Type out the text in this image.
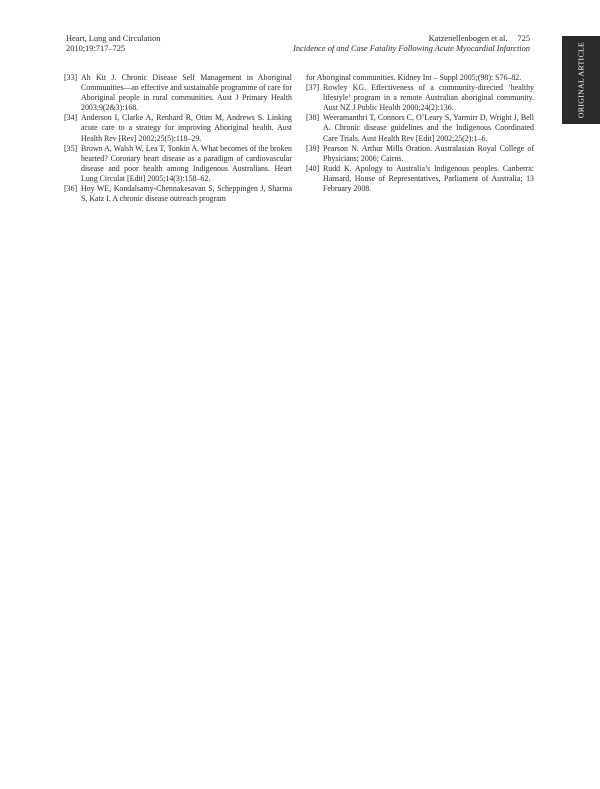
Heart, Lung and Circulation
2010;19:717–725
Katzenellenbogen et al. 725
Incidence of and Case Fatality Following Acute Myocardial Infarction	ORIGINAL ARTICLE
[33] Ah Kit J. Chronic Disease Self Management in Aboriginal Communities—an effective and sustainable programme of care for Aboriginal people in rural communities. Aust J Primary Health 2003;9(2&3):168.
[34] Anderson I, Clarke A, Renhard R, Otim M, Andrews S. Linking acute care to a strategy for improving Aboriginal health. Aust Health Rev [Rev] 2002;25(5):118–29.
[35] Brown A, Walsh W, Lea T, Tonkin A. What becomes of the broken hearted? Coronary heart disease as a paradigm of cardiovascular disease and poor health among Indigenous Australians. Heart Lung Circulat [Edit] 2005;14(3):158–62.
[36] Hoy WE, Kondalsamy-Chennakesavan S, Scheppingen J, Sharma S, Katz I. A chronic disease outreach program
for Aboriginal communities. Kidney Int – Suppl 2005;(98): S76–82.
[37] Rowley KG. Effectiveness of a community-directed ‘healthy lifestyle’ program in a remote Australian aboriginal community. Aust NZ J Public Health 2000;24(2):136.
[38] Weeramanthri T, Connors C, O’Leary S, Yarmirr D, Wright J, Bell A. Chronic disease guidelines and the Indigenous Coordinated Care Trials. Aust Health Rev [Edit] 2002;25(2):1–6.
[39] Pearson N. Arthur Mills Oration. Australasian Royal College of Physicians; 2006; Cairns.
[40] Rudd K. Apology to Australia’s Indigenous peoples. Canberra: Hansard, House of Representatives, Parliament of Australia; 13 February 2008.
